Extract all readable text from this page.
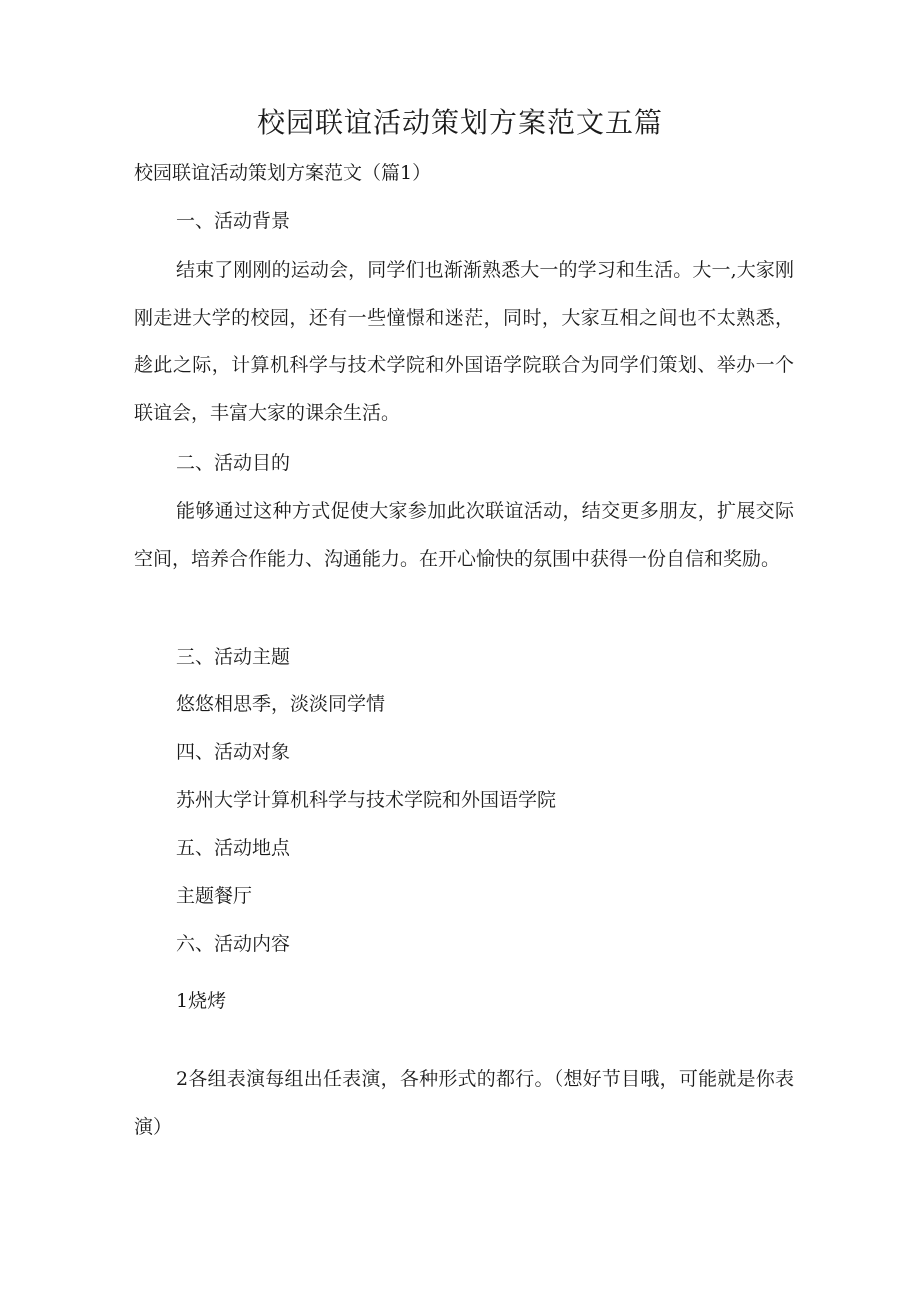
校园联谊活动策划方案范文五篇

校园联谊活动策划方案范文（篇1）

一、活动背景

结束了刚刚的运动会，同学们也渐渐熟悉大一的学习和生活。大一,大家刚刚走进大学的校园，还有一些憧憬和迷茫，同时，大家互相之间也不太熟悉，趁此之际，计算机科学与技术学院和外国语学院联合为同学们策划、举办一个联谊会，丰富大家的课余生活。

二、活动目的

能够通过这种方式促使大家参加此次联谊活动，结交更多朋友，扩展交际空间，培养合作能力、沟通能力。在开心愉快的氛围中获得一份自信和奖励。

三、活动主题

悠悠相思季，淡淡同学情

四、活动对象

苏州大学计算机科学与技术学院和外国语学院

五、活动地点

主题餐厅

六、活动内容

1烧烤

2各组表演每组出任表演，各种形式的都行。（想好节目哦，可能就是你表演）
